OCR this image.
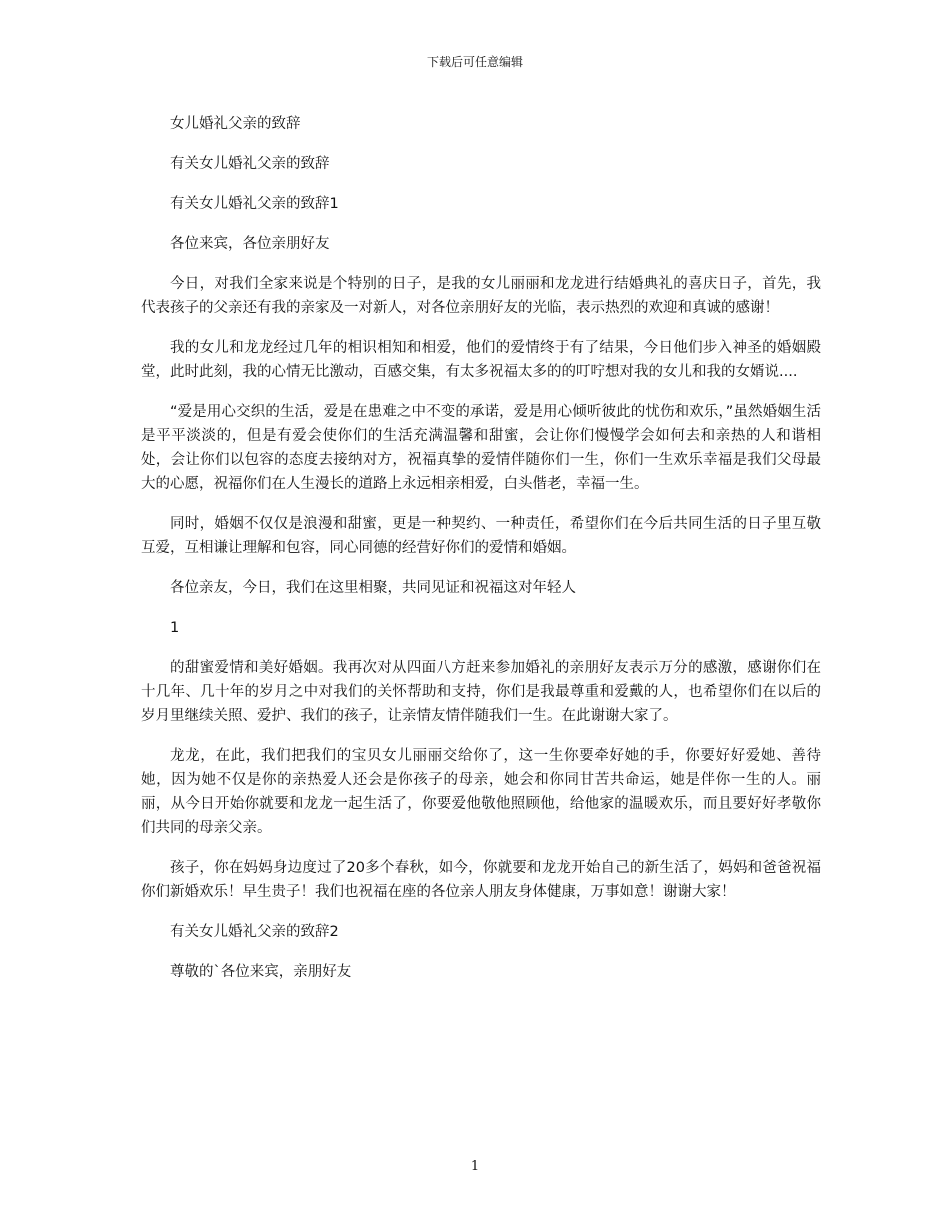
下载后可任意编辑

女儿婚礼父亲的致辞

有关女儿婚礼父亲的致辞

有关女儿婚礼父亲的致辞1

各位来宾，各位亲朋好友

今日，对我们全家来说是个特别的日子，是我的女儿丽丽和龙龙进行结婚典礼的喜庆日子，首先，我代表孩子的父亲还有我的亲家及一对新人，对各位亲朋好友的光临，表示热烈的欢迎和真诚的感谢！

我的女儿和龙龙经过几年的相识相知和相爱，他们的爱情终于有了结果，今日他们步入神圣的婚姻殿堂，此时此刻，我的心情无比激动，百感交集，有太多祝福太多的的叮咛想对我的女儿和我的女婿说....

“爱是用心交织的生活，爱是在患难之中不变的承诺，爱是用心倾听彼此的忧伤和欢乐，”虽然婚姻生活是平平淡淡的，但是有爱会使你们的生活充满温馨和甜蜜，会让你们慢慢学会如何去和亲热的人和谐相处，会让你们以包容的态度去接纳对方，祝福真挚的爱情伴随你们一生，你们一生欢乐幸福是我们父母最大的心愿，祝福你们在人生漫长的道路上永远相亲相爱，白头偕老，幸福一生。

同时，婚姻不仅仅是浪漫和甜蜜，更是一种契约、一种责任，希望你们在今后共同生活的日子里互敬互爱，互相谦让理解和包容，同心同德的经营好你们的爱情和婚姻。

各位亲友，今日，我们在这里相聚，共同见证和祝福这对年轻人

1

的甜蜜爱情和美好婚姻。我再次对从四面八方赶来参加婚礼的亲朋好友表示万分的感激，感谢你们在十几年、几十年的岁月之中对我们的关怀帮助和支持，你们是我最尊重和爱戴的人，也希望你们在以后的岁月里继续关照、爱护、我们的孩子，让亲情友情伴随我们一生。在此谢谢大家了。

龙龙，在此，我们把我们的宝贝女儿丽丽交给你了，这一生你要牵好她的手，你要好好爱她、善待她，因为她不仅是你的亲热爱人还会是你孩子的母亲，她会和你同甘苦共命运，她是伴你一生的人。丽丽，从今日开始你就要和龙龙一起生活了，你要爱他敬他照顾他，给他家的温暖欢乐，而且要好好孝敬你们共同的母亲父亲。

孩子，你在妈妈身边度过了20多个春秋，如今，你就要和龙龙开始自己的新生活了，妈妈和爸爸祝福你们新婚欢乐！早生贵子！我们也祝福在座的各位亲人朋友身体健康，万事如意！谢谢大家！

有关女儿婚礼父亲的致辞2

尊敬的`各位来宾，亲朋好友

1
